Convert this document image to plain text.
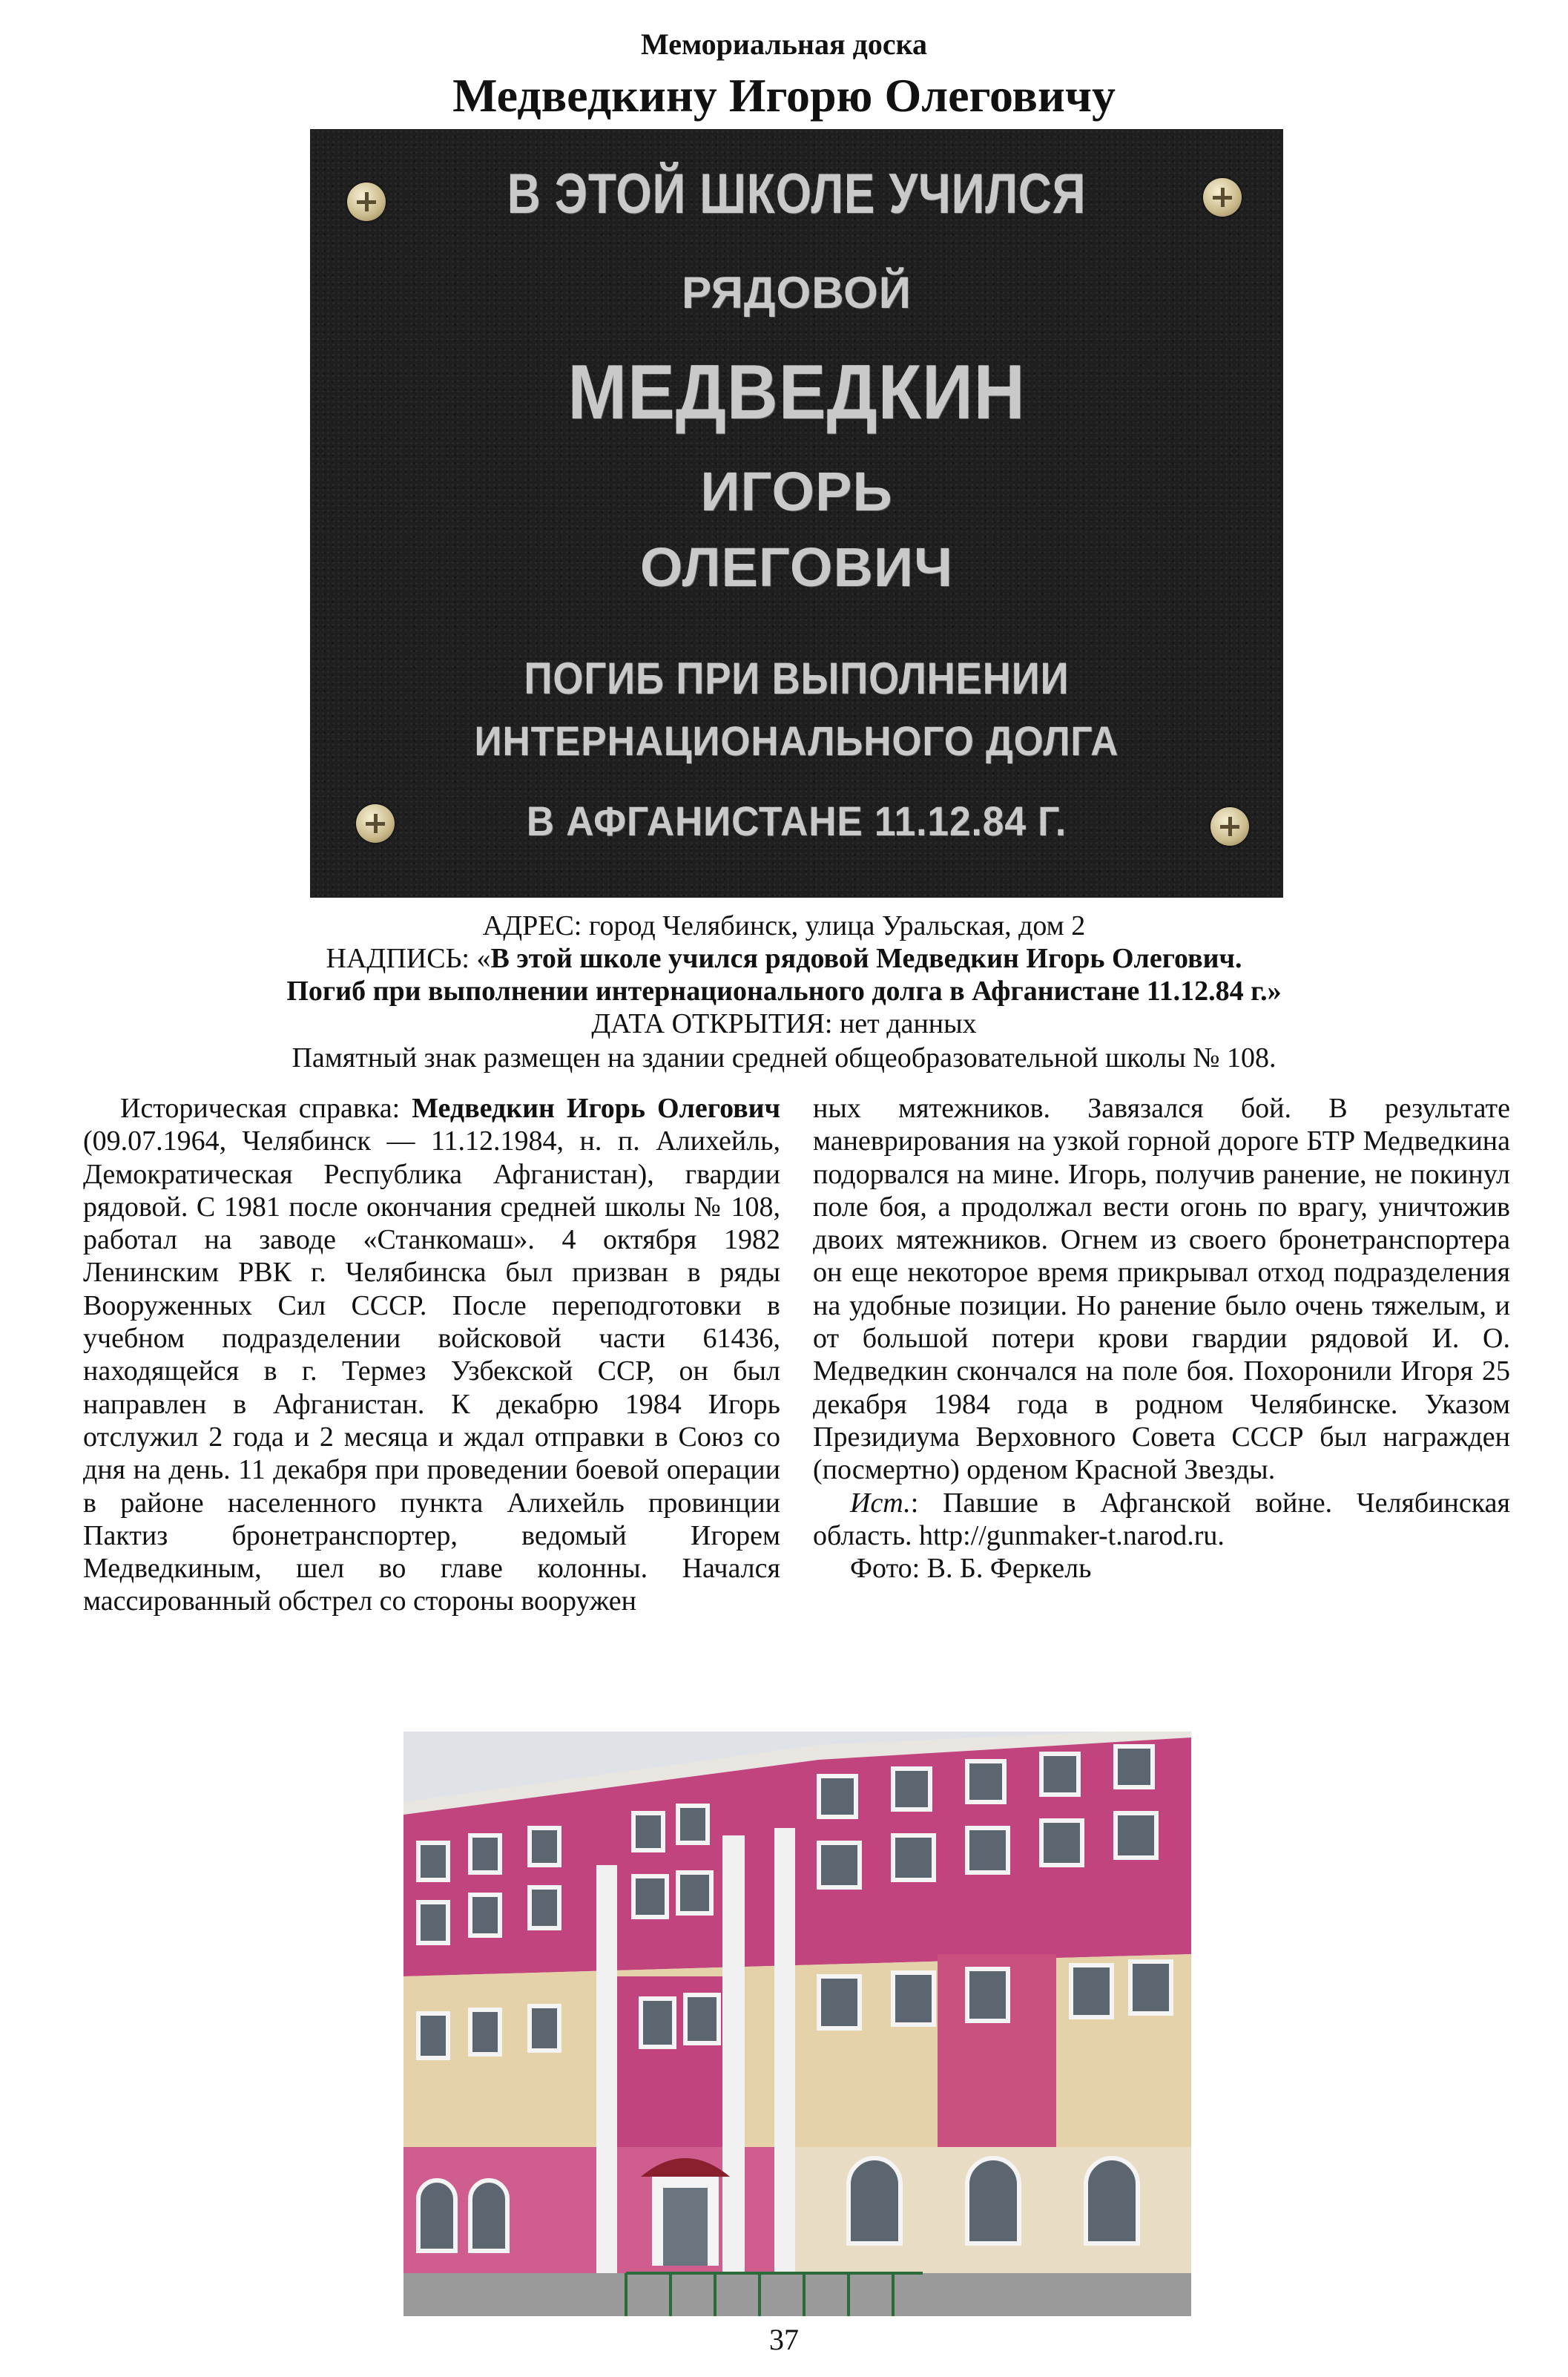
Мемориальная доска
Медведкину Игорю Олеговичу
В ЭТОЙ ШКОЛЕ УЧИЛСЯ
РЯДОВОЙ
МЕДВЕДКИН
ИГОРЬ
ОЛЕГОВИЧ
ПОГИБ ПРИ ВЫПОЛНЕНИИ
ИНТЕРНАЦИОНАЛЬНОГО ДОЛГА
В АФГАНИСТАНЕ 11.12.84 Г.
АДРЕС: город Челябинск, улица Уральская, дом 2
НАДПИСЬ: «В этой школе учился рядовой Медведкин Игорь Олегович.
Погиб при выполнении интернационального долга в Афганистане 11.12.84 г.»
ДАТА ОТКРЫТИЯ: нет данных
Памятный знак размещен на здании средней общеобразовательной школы № 108.

Историческая справка: Медведкин Игорь Олегович (09.07.1964, Челябинск — 11.12.1984, н. п. Алихейль, Демократическая Республика Афганистан), гвардии рядовой. С 1981 после окончания средней школы № 108, работал на заводе «Станкомаш». 4 октября 1982 Ленинским РВК г. Челябинска был призван в ряды Вооруженных Сил СССР. После переподготовки в учебном подразделении войсковой части 61436, находящейся в г. Термез Узбекской ССР, он был направлен в Афганистан. К декабрю 1984 Игорь отслужил 2 года и 2 месяца и ждал отправки в Союз со дня на день. 11 декабря при проведении боевой операции в районе населенного пункта Алихейль провинции Пактиз бронетранспортер, ведомый Игорем Медведкиным, шел во главе колонны. Начался массированный обстрел со стороны вооружен

ных мятежников. Завязался бой. В результате маневрирования на узкой горной дороге БТР Медведкина подорвался на мине. Игорь, получив ранение, не покинул поле боя, а продолжал вести огонь по врагу, уничтожив двоих мятежников. Огнем из своего бронетранспортера он еще некоторое время прикрывал отход подразделения на удобные позиции. Но ранение было очень тяжелым, и от большой потери крови гвардии рядовой И. О. Медведкин скончался на поле боя. Похоронили Игоря 25 декабря 1984 года в родном Челябинске. Указом Президиума Верховного Совета СССР был награжден (посмертно) орденом Красной Звезды.

Ист.: Павшие в Афганской войне. Челябинская область. http://gunmaker-t.narod.ru.

Фото: В. Б. Феркель

37
